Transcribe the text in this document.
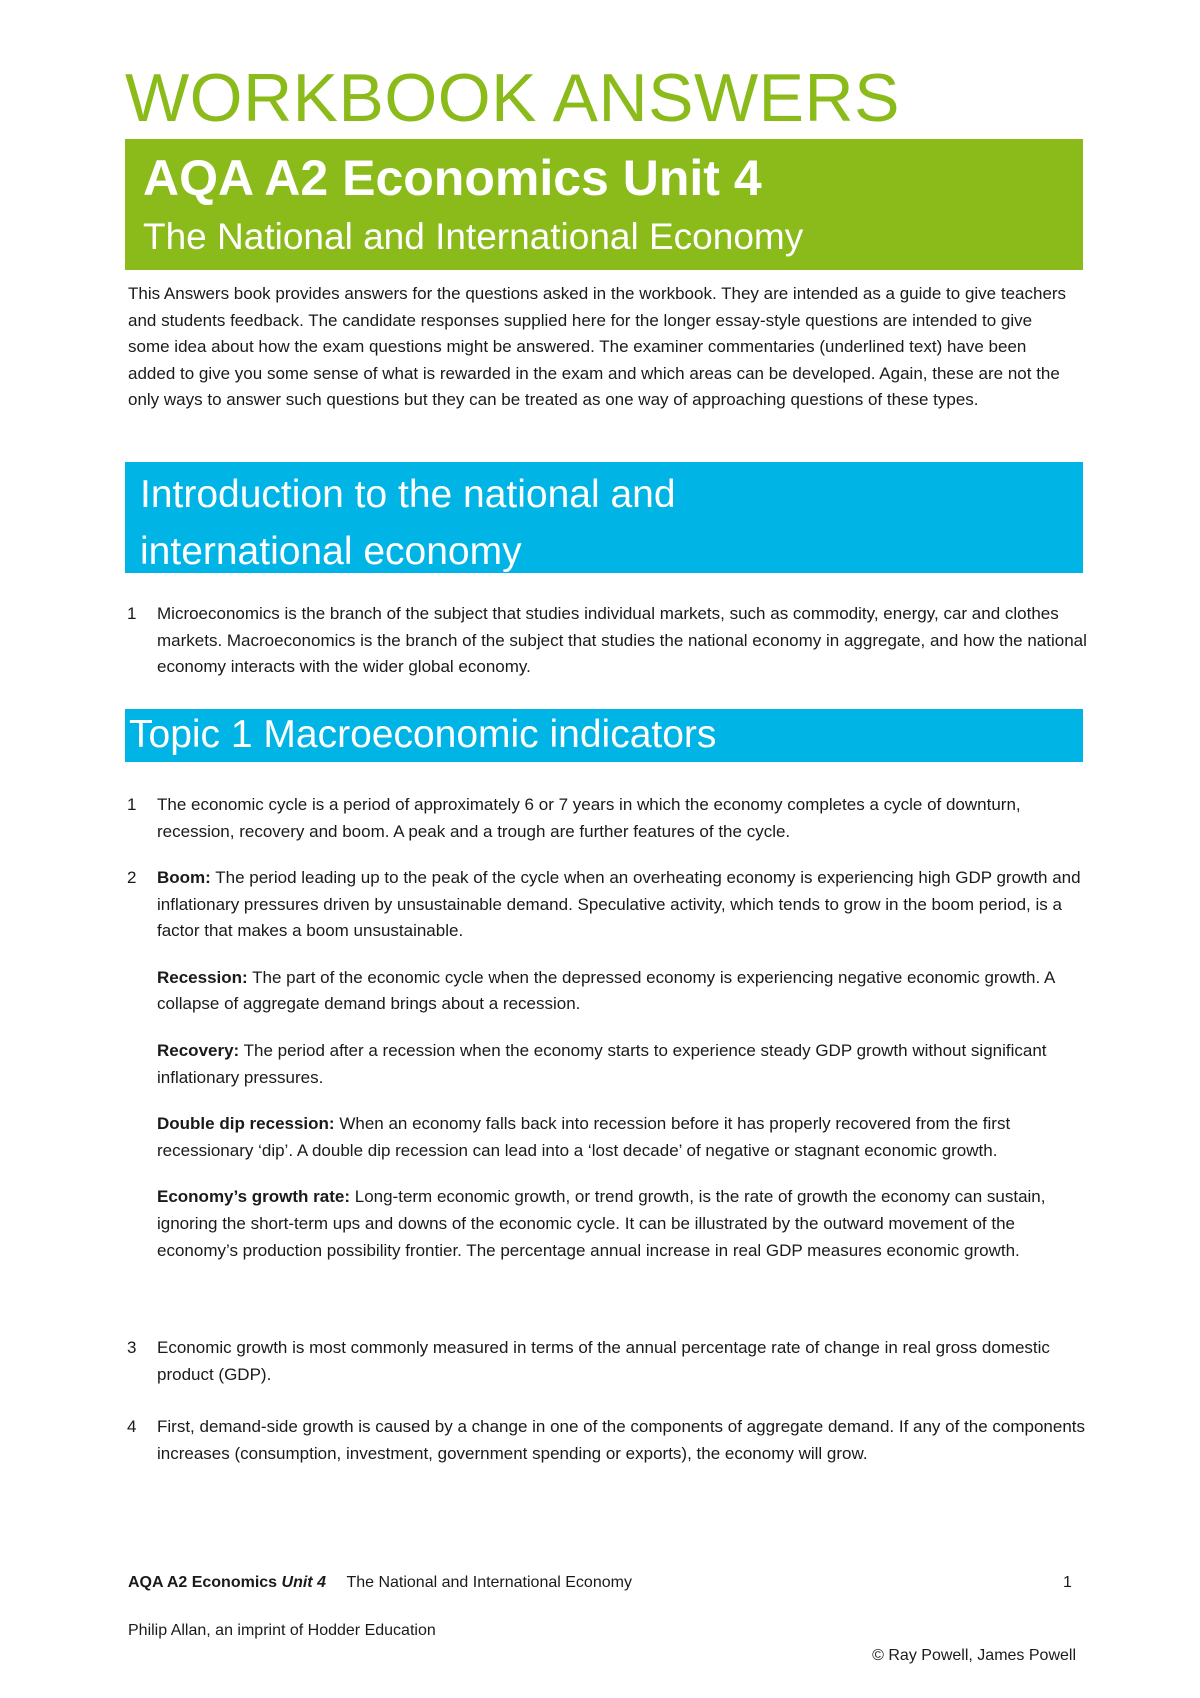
WORKBOOK ANSWERS
AQA A2 Economics Unit 4
The National and International Economy

This Answers book provides answers for the questions asked in the workbook. They are intended as a guide to give teachers and students feedback. The candidate responses supplied here for the longer essay-style questions are intended to give some idea about how the exam questions might be answered. The examiner commentaries (underlined text) have been added to give you some sense of what is rewarded in the exam and which areas can be developed. Again, these are not the only ways to answer such questions but they can be treated as one way of approaching questions of these types.

Introduction to the national and
international economy
1 Microeconomics is the branch of the subject that studies individual markets, such as commodity, energy, car and clothes markets. Macroeconomics is the branch of the subject that studies the national economy in aggregate, and how the national economy interacts with the wider global economy.

Topic 1 Macroeconomic indicators
1 The economic cycle is a period of approximately 6 or 7 years in which the economy completes a cycle of downturn, recession, recovery and boom. A peak and a trough are further features of the cycle.

2 Boom: The period leading up to the peak of the cycle when an overheating economy is experiencing high GDP growth and inflationary pressures driven by unsustainable demand. Speculative activity, which tends to grow in the boom period, is a factor that makes a boom unsustainable.

Recession: The part of the economic cycle when the depressed economy is experiencing negative economic growth. A collapse of aggregate demand brings about a recession.

Recovery: The period after a recession when the economy starts to experience steady GDP growth without significant inflationary pressures.

Double dip recession: When an economy falls back into recession before it has properly recovered from the first recessionary ‘dip’. A double dip recession can lead into a ‘lost decade’ of negative or stagnant economic growth.

Economy’s growth rate: Long-term economic growth, or trend growth, is the rate of growth the economy can sustain, ignoring the short-term ups and downs of the economic cycle. It can be illustrated by the outward movement of the economy’s production possibility frontier. The percentage annual increase in real GDP measures economic growth.

3 Economic growth is most commonly measured in terms of the annual percentage rate of change in real gross domestic product (GDP).

4 First, demand-side growth is caused by a change in one of the components of aggregate demand. If any of the components increases (consumption, investment, government spending or exports), the economy will grow.

AQA A2 Economics Unit 4 The National and International Economy	1
Philip Allan, an imprint of Hodder Education
© Ray Powell, James Powell
